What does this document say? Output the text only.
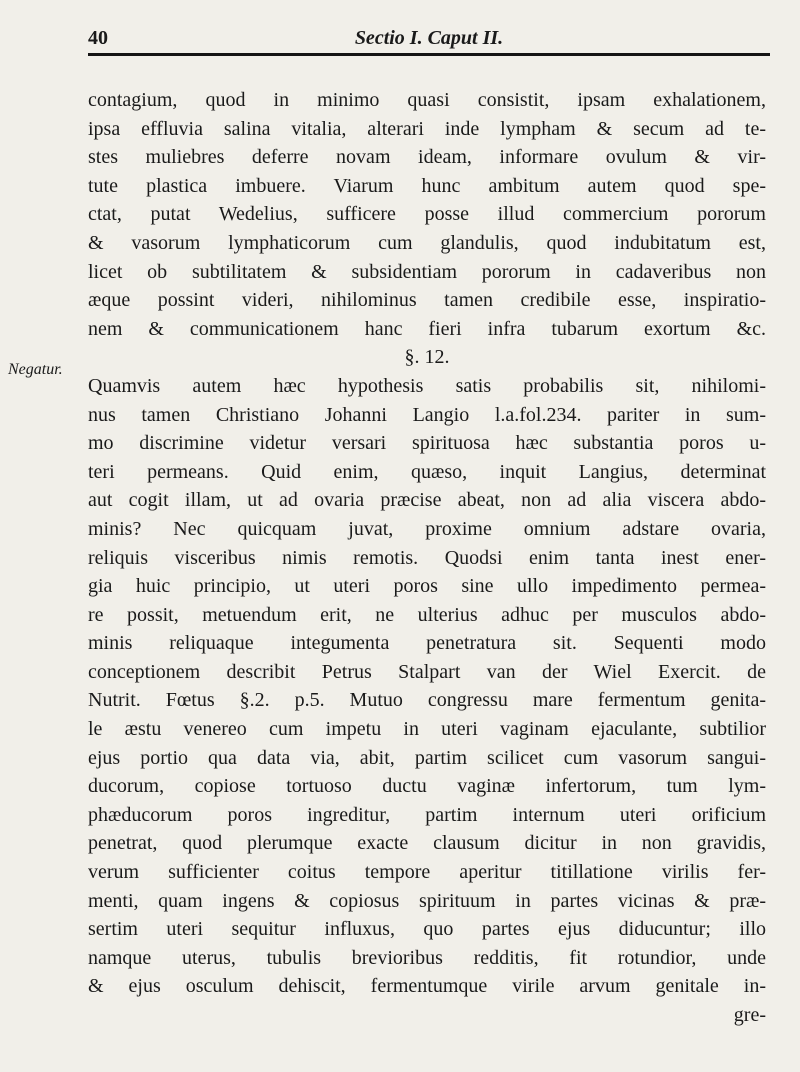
40	Sectio I. Caput II.
Negatur.
contagium, quod in minimo quasi consistit, ipsam exhalationem,
ipsa effluvia salina vitalia, alterari inde lympham & secum ad te-
stes muliebres deferre novam ideam, informare ovulum & vir-
tute plastica imbuere. Viarum hunc ambitum autem quod spe-
ctat, putat Wedelius, sufficere posse illud commercium pororum
& vasorum lymphaticorum cum glandulis, quod indubitatum est,
licet ob subtilitatem & subsidentiam pororum in cadaveribus non
æque possint videri, nihilominus tamen credibile esse, inspiratio-
nem & communicationem hanc fieri infra tubarum exortum &c.
§. 12.
Quamvis autem hæc hypothesis satis probabilis sit, nihilomi-
nus tamen Christiano Johanni Langio l.a.fol.234. pariter in sum-
mo discrimine videtur versari spirituosa hæc substantia poros u-
teri permeans. Quid enim, quæso, inquit Langius, determinat
aut cogit illam, ut ad ovaria præcise abeat, non ad alia viscera abdo-
minis? Nec quicquam juvat, proxime omnium adstare ovaria,
reliquis visceribus nimis remotis. Quodsi enim tanta inest ener-
gia huic principio, ut uteri poros sine ullo impedimento permea-
re possit, metuendum erit, ne ulterius adhuc per musculos abdo-
minis reliquaque integumenta penetratura sit. Sequenti modo
conceptionem describit Petrus Stalpart van der Wiel Exercit. de
Nutrit. Fœtus §.2. p.5. Mutuo congressu mare fermentum genita-
le æstu venereo cum impetu in uteri vaginam ejaculante, subtilior
ejus portio qua data via, abit, partim scilicet cum vasorum sangui-
ducorum, copiose tortuoso ductu vaginæ infertorum, tum lym-
phæducorum poros ingreditur, partim internum uteri orificium
penetrat, quod plerumque exacte clausum dicitur in non gravidis,
verum sufficienter coitus tempore aperitur titillatione virilis fer-
menti, quam ingens & copiosus spirituum in partes vicinas & præ-
sertim uteri sequitur influxus, quo partes ejus diducuntur; illo
namque uterus, tubulis brevioribus redditis, fit rotundior, unde
& ejus osculum dehiscit, fermentumque virile arvum genitale in-
gre-
